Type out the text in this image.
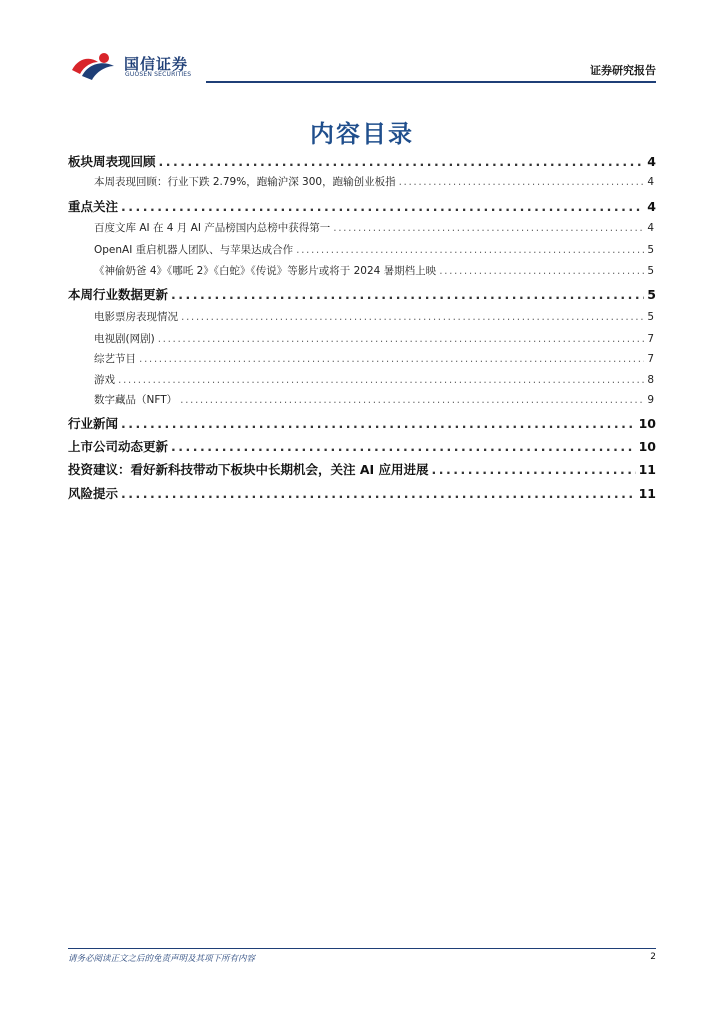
国信证券
GUOSEN SECURITIES	证券研究报告
内容目录
板块周表现回顾 .....	4
本周表现回顾：行业下跌 2.79%，跑输沪深 300，跑输创业板指 .....	4
重点关注 .....	4
百度文库 AI 在 4 月 AI 产品榜国内总榜中获得第一 .....	4
OpenAI 重启机器人团队、与苹果达成合作 .....	5
《神偷奶爸 4》《哪吒 2》《白蛇》《传说》等影片或将于 2024 暑期档上映 .....	5
本周行业数据更新 .....	5
电影票房表现情况 .....	5
电视剧(网剧) .....	7
综艺节目 .....	7
游戏 .....	8
数字藏品（NFT） .....	9
行业新闻 .....	10
上市公司动态更新 .....	10
投资建议：看好新科技带动下板块中长期机会，关注 AI 应用进展 .....	11
风险提示 .....	11
请务必阅读正文之后的免责声明及其项下所有内容	2
